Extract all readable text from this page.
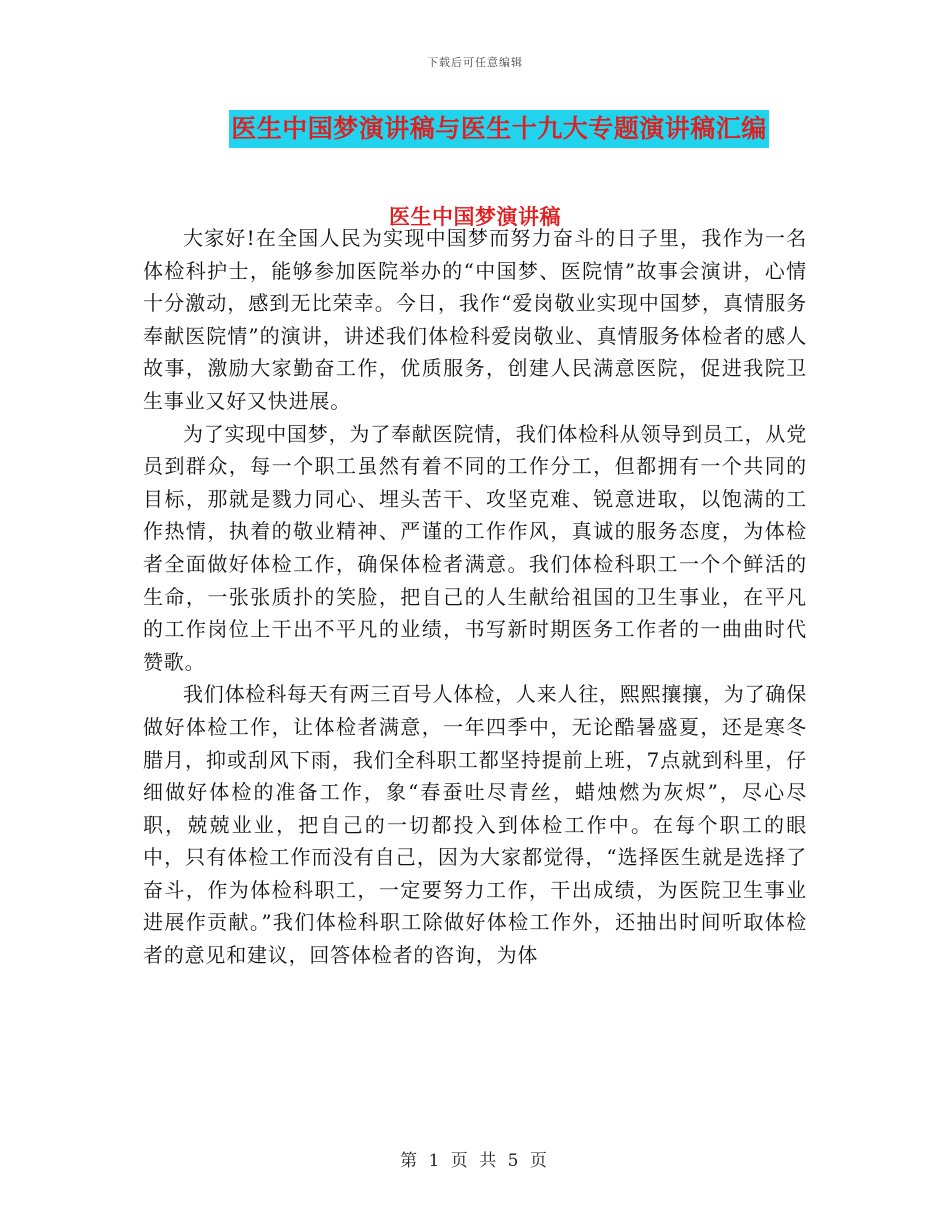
下载后可任意编辑
医生中国梦演讲稿与医生十九大专题演讲稿汇编
医生中国梦演讲稿

大家好!在全国人民为实现中国梦而努力奋斗的日子里，我作为一名体检科护士，能够参加医院举办的“中国梦、医院情”故事会演讲，心情十分激动，感到无比荣幸。今日，我作“爱岗敬业实现中国梦，真情服务奉献医院情”的演讲，讲述我们体检科爱岗敬业、真情服务体检者的感人故事，激励大家勤奋工作，优质服务，创建人民满意医院，促进我院卫生事业又好又快进展。

为了实现中国梦，为了奉献医院情，我们体检科从领导到员工，从党员到群众，每一个职工虽然有着不同的工作分工，但都拥有一个共同的目标，那就是戮力同心、埋头苦干、攻坚克难、锐意进取，以饱满的工作热情，执着的敬业精神、严谨的工作作风，真诚的服务态度，为体检者全面做好体检工作，确保体检者满意。我们体检科职工一个个鲜活的生命，一张张质扑的笑脸，把自己的人生献给祖国的卫生事业，在平凡的工作岗位上干出不平凡的业绩，书写新时期医务工作者的一曲曲时代赞歌。

我们体检科每天有两三百号人体检，人来人往，熙熙攘攘，为了确保做好体检工作，让体检者满意，一年四季中，无论酷暑盛夏，还是寒冬腊月，抑或刮风下雨，我们全科职工都坚持提前上班，7点就到科里，仔细做好体检的准备工作，象“春蚕吐尽青丝，蜡烛燃为灰烬”，尽心尽职，兢兢业业，把自己的一切都投入到体检工作中。在每个职工的眼中，只有体检工作而没有自己，因为大家都觉得，“选择医生就是选择了奋斗，作为体检科职工，一定要努力工作，干出成绩，为医院卫生事业进展作贡献。”我们体检科职工除做好体检工作外，还抽出时间听取体检者的意见和建议，回答体检者的咨询，为体

第 1 页 共 5 页
